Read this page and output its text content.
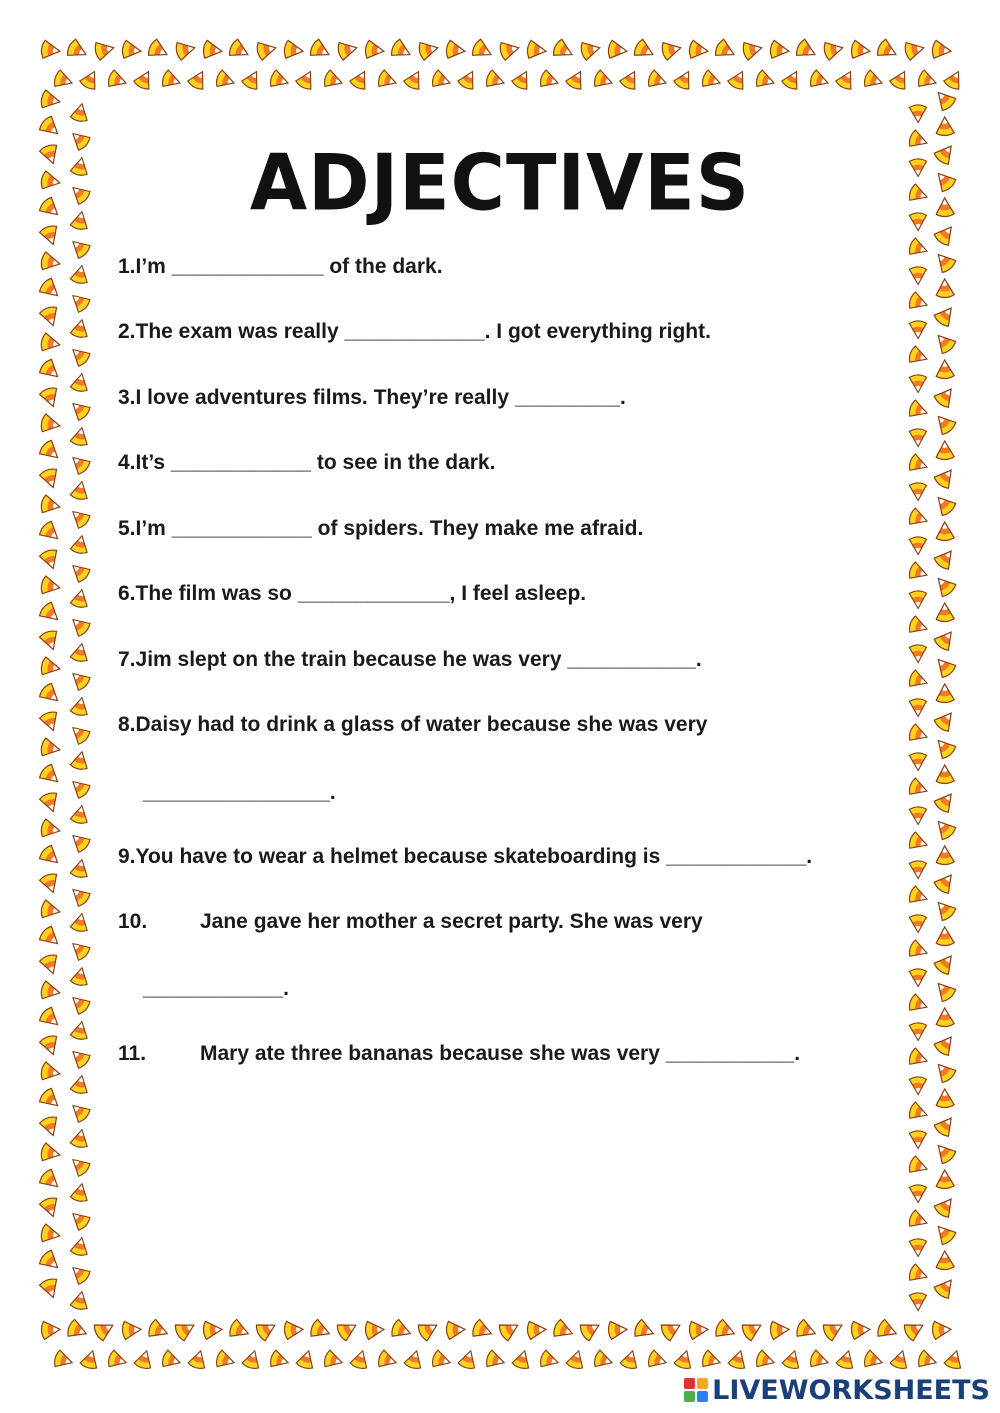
ADJECTIVES
1.I’m _____________ of the dark.
2.The exam was really ____________. I got everything right.
3.I love adventures films. They’re really _________.
4.It’s ____________ to see in the dark.
5.I’m ____________ of spiders. They make me afraid.
6.The film was so _____________, I feel asleep.
7.Jim slept on the train because he was very ___________.
8.Daisy had to drink a glass of water because she was very
________________.
9.You have to wear a helmet because skateboarding is ____________.
10.	Jane gave her mother a secret party. She was very
____________.
11.	Mary ate three bananas because she was very ___________.
LIVEWORKSHEETS
